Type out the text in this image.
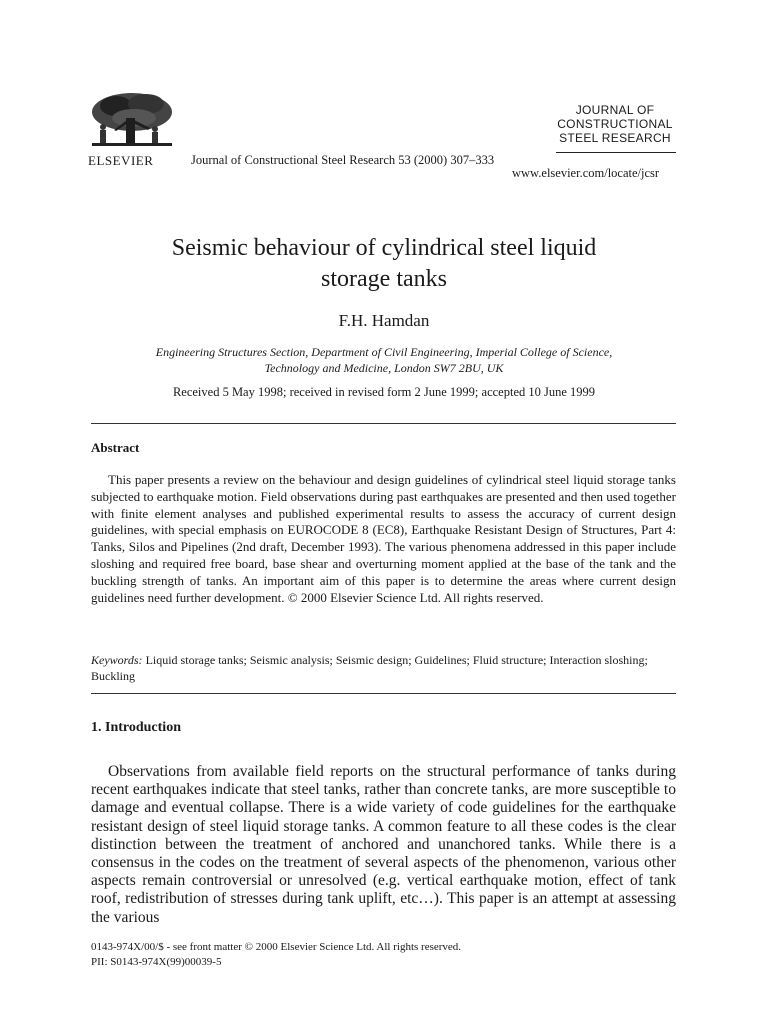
ELSEVIER	Journal of Constructional Steel Research 53 (2000) 307–333
JOURNAL OF
CONSTRUCTIONAL
STEEL RESEARCH
www.elsevier.com/locate/jcsr
Seismic behaviour of cylindrical steel liquid
storage tanks
F.H. Hamdan
Engineering Structures Section, Department of Civil Engineering, Imperial College of Science,
Technology and Medicine, London SW7 2BU, UK
Received 5 May 1998; received in revised form 2 June 1999; accepted 10 June 1999
Abstract

This paper presents a review on the behaviour and design guidelines of cylindrical steel liquid storage tanks subjected to earthquake motion. Field observations during past earthquakes are presented and then used together with finite element analyses and published experimental results to assess the accuracy of current design guidelines, with special emphasis on EUROCODE 8 (EC8), Earthquake Resistant Design of Structures, Part 4: Tanks, Silos and Pipelines (2nd draft, December 1993). The various phenomena addressed in this paper include sloshing and required free board, base shear and overturning moment applied at the base of the tank and the buckling strength of tanks. An important aim of this paper is to determine the areas where current design guidelines need further development. © 2000 Elsevier Science Ltd. All rights reserved.

Keywords: Liquid storage tanks; Seismic analysis; Seismic design; Guidelines; Fluid structure; Interaction sloshing; Buckling

1. Introduction

Observations from available field reports on the structural performance of tanks during recent earthquakes indicate that steel tanks, rather than concrete tanks, are more susceptible to damage and eventual collapse. There is a wide variety of code guidelines for the earthquake resistant design of steel liquid storage tanks. A common feature to all these codes is the clear distinction between the treatment of anchored and unanchored tanks. While there is a consensus in the codes on the treatment of several aspects of the phenomenon, various other aspects remain controversial or unresolved (e.g. vertical earthquake motion, effect of tank roof, redistribution of stresses during tank uplift, etc…). This paper is an attempt at assessing the various

0143-974X/00/$ - see front matter © 2000 Elsevier Science Ltd. All rights reserved.
PII: S0143-974X(99)00039-5
